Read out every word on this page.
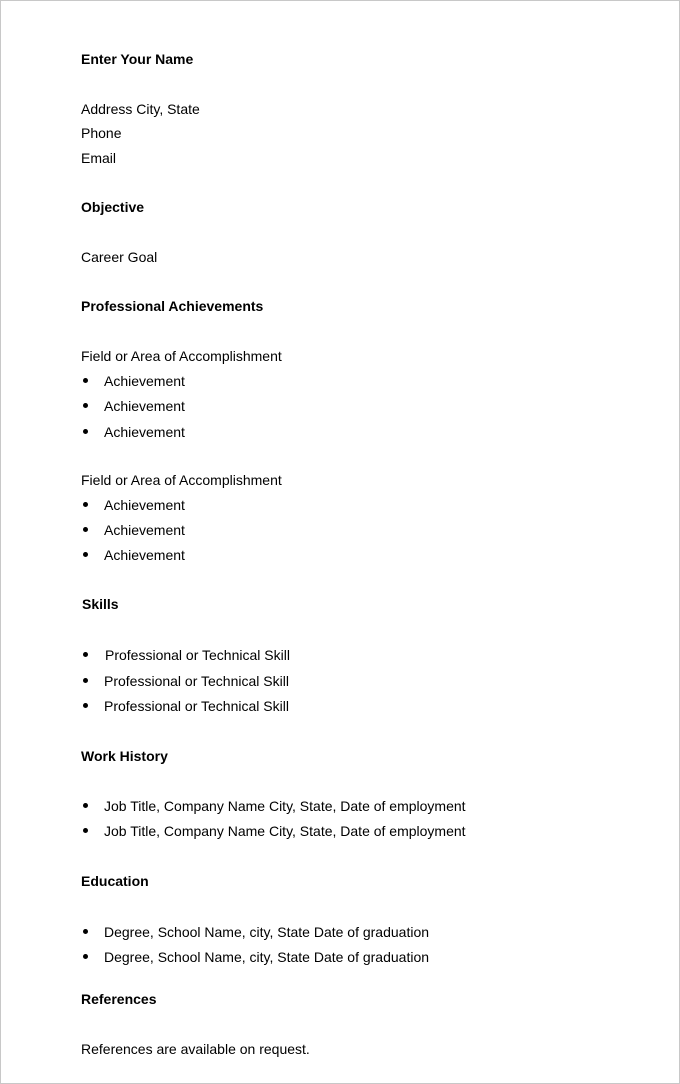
Enter Your Name
Address City, State
Phone
Email
Objective
Career Goal
Professional Achievements
Field or Area of Accomplishment
Achievement
Achievement
Achievement
Field or Area of Accomplishment
Achievement
Achievement
Achievement
Skills
Professional or Technical Skill
Professional or Technical Skill
Professional or Technical Skill
Work History
Job Title, Company Name City, State, Date of employment
Job Title, Company Name City, State, Date of employment
Education
Degree, School Name, city, State Date of graduation
Degree, School Name, city, State Date of graduation
References
References are available on request.
